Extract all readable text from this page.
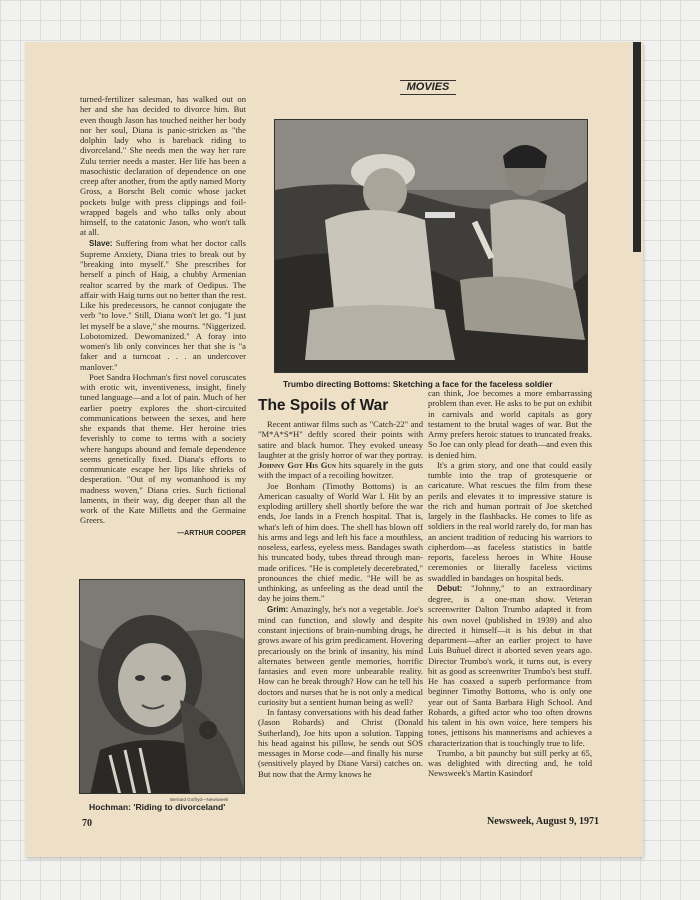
turned-fertilizer salesman, has walked out on her and she has decided to divorce him. But even though Jason has touched neither her body nor her soul, Diana is panic-stricken as "the dolphin lady who is bareback riding to divorceland." She needs men the way her rare Zulu terrier needs a master. Her life has been a masochistic declaration of dependence on one creep after another, from the aptly named Morty Gross, a Borscht Belt comic whose jacket pockets bulge with press clippings and foil-wrapped bagels and who talks only about himself, to the catatonic Jason, who won't talk at all.

Slave: Suffering from what her doctor calls Supreme Anxiety, Diana tries to break out by "breaking into myself." She prescribes for herself a pinch of Haig, a chubby Armenian realtor scarred by the mark of Oedipus. The affair with Haig turns out no better than the rest. Like his predecessors, he cannot conjugate the verb "to love." Still, Diana won't let go. "I just let myself be a slave," she mourns. "Niggerized. Lobotomized. Dewomanized." A foray into women's lib only convinces her that she is "a faker and a turncoat . . . an undercover manlover."

Poet Sandra Hochman's first novel coruscates with erotic wit, inventiveness, insight, finely tuned language—and a lot of pain. Much of her earlier poetry explores the short-circuited communications between the sexes, and here she expands that theme. Her heroine tries feverishly to come to terms with a society where hangups abound and female dependence seems genetically fixed. Diana's efforts to communicate escape her lips like shrieks of desperation. "Out of my womanhood is my madness woven," Diana cries. Such fictional laments, in their way, dig deeper than all the work of the Kate Milletts and the Germaine Greers.

—ARTHUR COOPER
MOVIES
Trumbo directing Bottoms: Sketching a face for the faceless soldier
The Spoils of War

Recent antiwar films such as "Catch-22" and "M*A*S*H" deftly scored their points with satire and black humor. They evoked uneasy laughter at the grisly horror of war they portray. Johnny Got His Gun hits squarely in the guts with the impact of a recoiling howitzer.

Joe Bonham (Timothy Bottoms) is an American casualty of World War I. Hit by an exploding artillery shell shortly before the war ends, Joe lands in a French hospital. That is, what's left of him does. The shell has blown off his arms and legs and left his face a mouthless, noseless, earless, eyeless mess. Bandages swath his truncated body, tubes thread through man-made orifices. "He is completely decerebrated," pronounces the chief medic. "He will be as unthinking, as unfeeling as the dead until the day he joins them."

Grim: Amazingly, he's not a vegetable. Joe's mind can function, and slowly and despite constant injections of brain-numbing drugs, he grows aware of his grim predicament. Hovering precariously on the brink of insanity, his mind alternates between gentle memories, horrific fantasies and even more unbearable reality. How can he break through? How can he tell his doctors and nurses that he is not only a medical curiosity but a sentient human being as well?

In fantasy conversations with his dead father (Jason Robards) and Christ (Donald Sutherland), Joe hits upon a solution. Tapping his head against his pillow, he sends out SOS messages in Morse code—and finally his nurse (sensitively played by Diane Varsi) catches on. But now that the Army knows he

can think, Joe becomes a more embarrassing problem than ever. He asks to be put on exhibit in carnivals and world capitals as gory testament to the brutal wages of war. But the Army prefers heroic statues to truncated freaks. So Joe can only plead for death—and even this is denied him.

It's a grim story, and one that could easily tumble into the trap of grotesquerie or caricature. What rescues the film from these perils and elevates it to impressive stature is the rich and human portrait of Joe sketched largely in the flashbacks. He comes to life as soldiers in the real world rarely do, for man has an ancient tradition of reducing his warriors to cipherdom—as faceless statistics in battle reports, faceless heroes in White House ceremonies or literally faceless victims swaddled in bandages on hospital beds.

Debut: "Johnny," to an extraordinary degree, is a one-man show. Veteran screenwriter Dalton Trumbo adapted it from his own novel (published in 1939) and also directed it himself—it is his debut in that department—after an earlier project to have Luis Buñuel direct it aborted seven years ago. Director Trumbo's work, it turns out, is every bit as good as screenwriter Trumbo's best stuff. He has coaxed a superb performance from beginner Timothy Bottoms, who is only one year out of Santa Barbara High School. And Robards, a gifted actor who too often drowns his talent in his own voice, here tempers his tones, jettisons his mannerisms and achieves a characterization that is touchingly true to life.

Trumbo, a bit paunchy but still perky at 65, was delighted with directing and, he told Newsweek's Martin Kasindorf

Bernard Gotfryd—Newsweek
Hochman: 'Riding to divorceland'
70	Newsweek, August 9, 1971
